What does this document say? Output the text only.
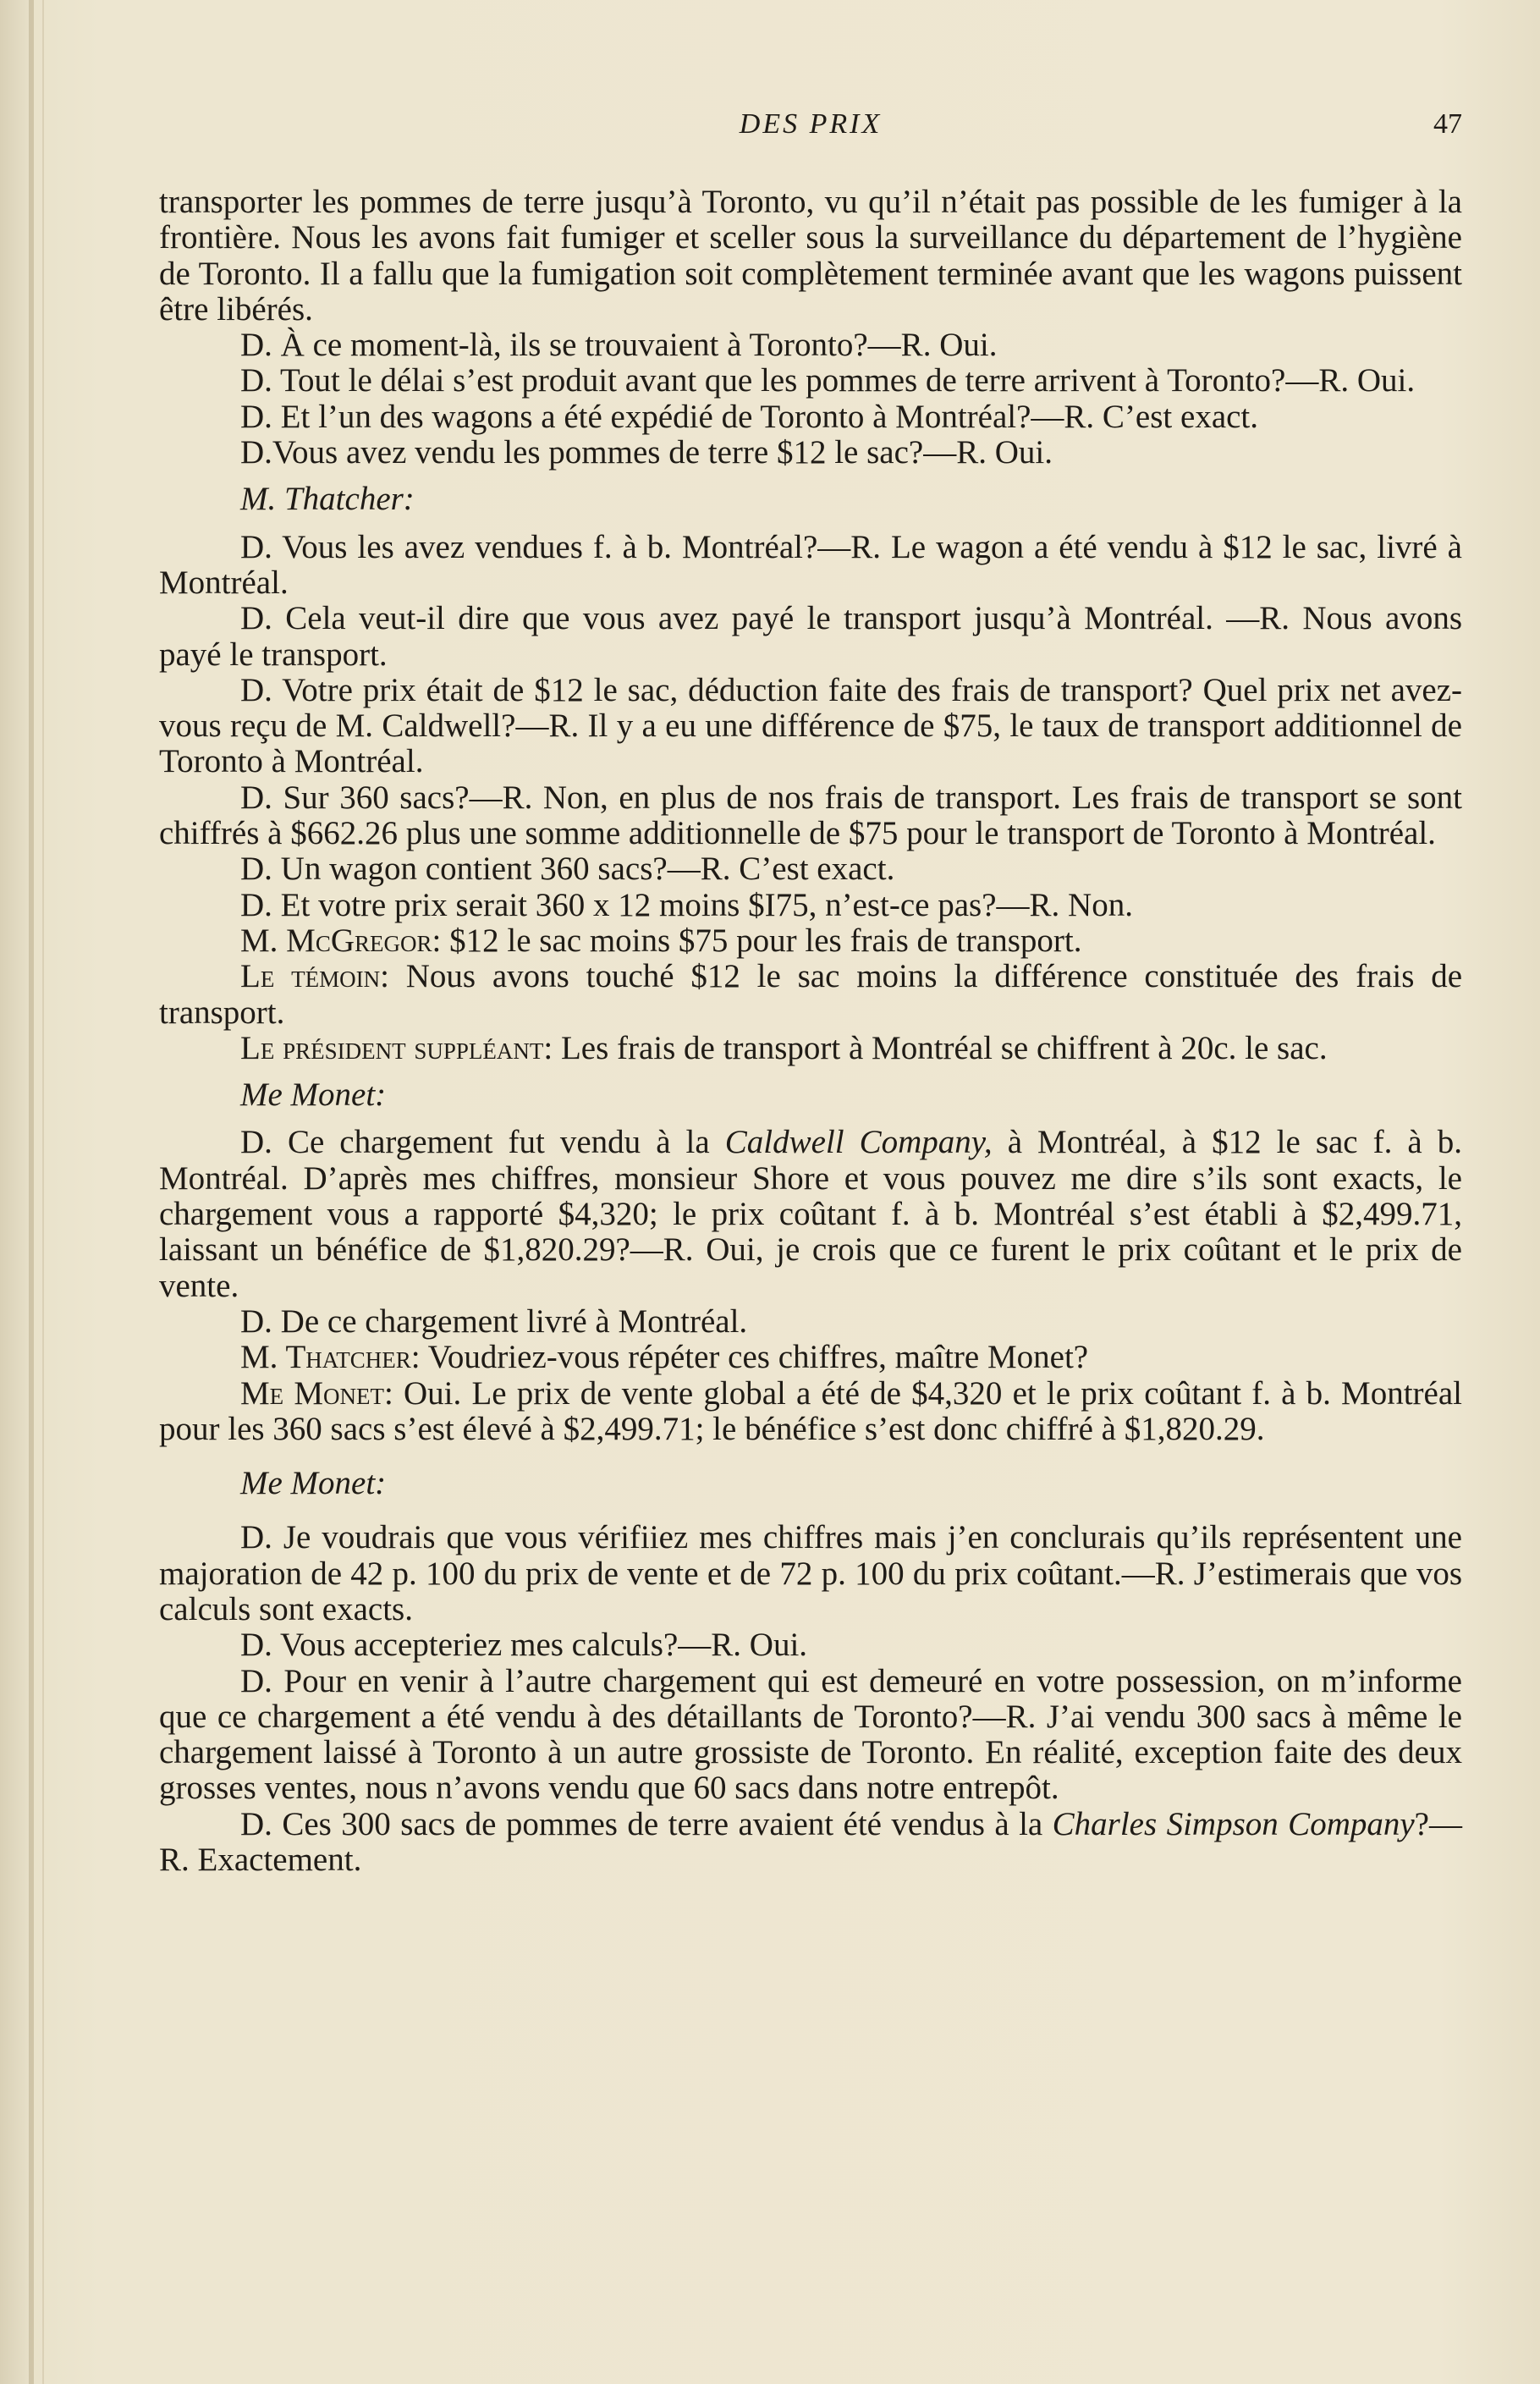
DES PRIX	47

transporter les pommes de terre jusqu’à Toronto, vu qu’il n’était pas possible de les fumiger à la frontière. Nous les avons fait fumiger et sceller sous la surveillance du département de l’hygiène de Toronto. Il a fallu que la fumigation soit complètement terminée avant que les wagons puissent être libérés.

D. À ce moment-là, ils se trouvaient à Toronto?—R. Oui.

D. Tout le délai s’est produit avant que les pommes de terre arrivent à Toronto?—R. Oui.

D. Et l’un des wagons a été expédié de Toronto à Montréal?—R. C’est exact.

D.Vous avez vendu les pommes de terre $12 le sac?—R. Oui.

M. Thatcher:

D. Vous les avez vendues f. à b. Montréal?—R. Le wagon a été vendu à $12 le sac, livré à Montréal.

D. Cela veut-il dire que vous avez payé le transport jusqu’à Montréal. —R. Nous avons payé le transport.

D. Votre prix était de $12 le sac, déduction faite des frais de transport? Quel prix net avez-vous reçu de M. Caldwell?—R. Il y a eu une différence de $75, le taux de transport additionnel de Toronto à Montréal.

D. Sur 360 sacs?—R. Non, en plus de nos frais de transport. Les frais de transport se sont chiffrés à $662.26 plus une somme additionnelle de $75 pour le transport de Toronto à Montréal.

D. Un wagon contient 360 sacs?—R. C’est exact.

D. Et votre prix serait 360 x 12 moins $I75, n’est-ce pas?—R. Non.

M. McGregor: $12 le sac moins $75 pour les frais de transport.

Le témoin: Nous avons touché $12 le sac moins la différence constituée des frais de transport.

Le président suppléant: Les frais de transport à Montréal se chiffrent à 20c. le sac.

Me Monet:

D. Ce chargement fut vendu à la Caldwell Company, à Montréal, à $12 le sac f. à b. Montréal. D’après mes chiffres, monsieur Shore et vous pouvez me dire s’ils sont exacts, le chargement vous a rapporté $4,320; le prix coûtant f. à b. Montréal s’est établi à $2,499.71, laissant un bénéfice de $1,820.29?—R. Oui, je crois que ce furent le prix coûtant et le prix de vente.

D. De ce chargement livré à Montréal.

M. Thatcher: Voudriez-vous répéter ces chiffres, maître Monet?

Me Monet: Oui. Le prix de vente global a été de $4,320 et le prix coûtant f. à b. Montréal pour les 360 sacs s’est élevé à $2,499.71; le bénéfice s’est donc chiffré à $1,820.29.

Me Monet:

D. Je voudrais que vous vérifiiez mes chiffres mais j’en conclurais qu’ils représentent une majoration de 42 p. 100 du prix de vente et de 72 p. 100 du prix coûtant.—R. J’estimerais que vos calculs sont exacts.

D. Vous accepteriez mes calculs?—R. Oui.

D. Pour en venir à l’autre chargement qui est demeuré en votre possession, on m’informe que ce chargement a été vendu à des détaillants de Toronto?—R. J’ai vendu 300 sacs à même le chargement laissé à Toronto à un autre grossiste de Toronto. En réalité, exception faite des deux grosses ventes, nous n’avons vendu que 60 sacs dans notre entrepôt.

D. Ces 300 sacs de pommes de terre avaient été vendus à la Charles Simpson Company?—R. Exactement.
